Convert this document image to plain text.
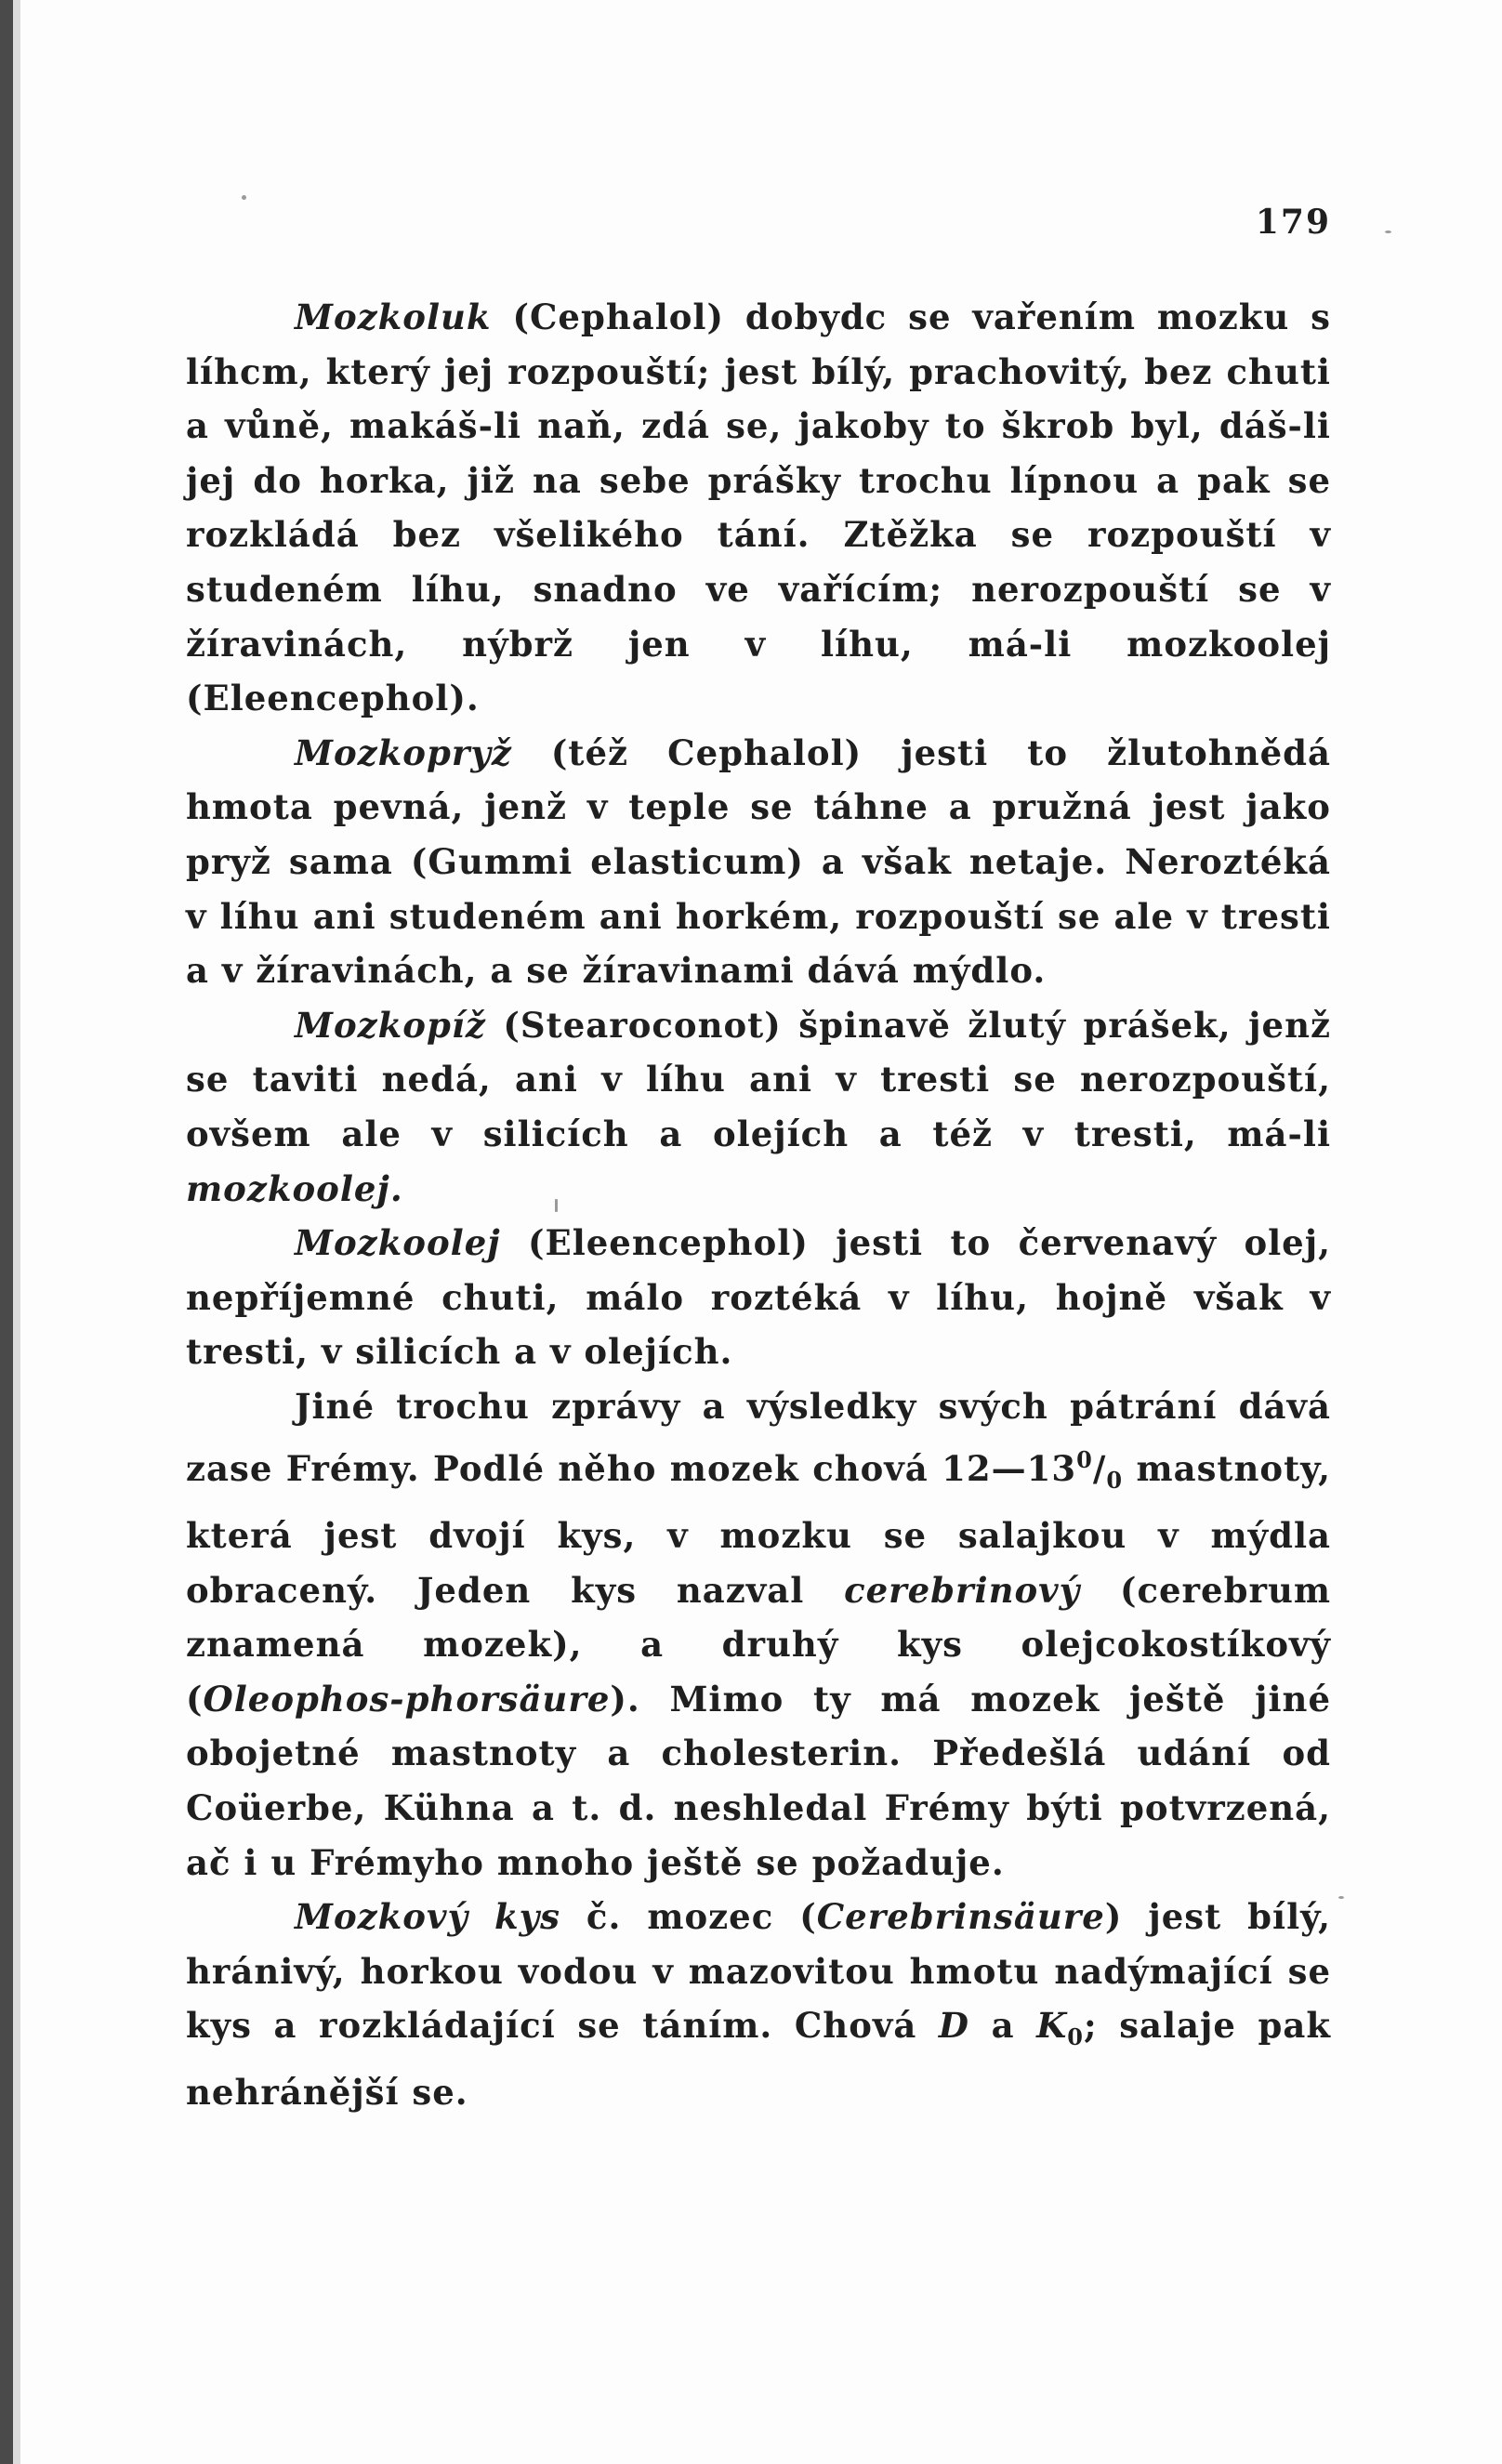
179

Mozkoluk (Cephalol) dobydc se vařením mozku s líhcm, který jej rozpouští; jest bílý, prachovitý, bez chuti a vůně, makáš-li naň, zdá se, jakoby to škrob byl, dáš-li jej do horka, již na sebe prášky trochu lípnou a pak se rozkládá bez všelikého tání. Ztěžka se rozpouští v studeném líhu, snadno ve vařícím; nerozpouští se v žíravinách, nýbrž jen v líhu, má-li mozkoolej (Eleencephol).

Mozkopryž (též Cephalol) jesti to žlutohnědá hmota pevná, jenž v teple se táhne a pružná jest jako pryž sama (Gummi elasticum) a však netaje. Neroztéká v líhu ani studeném ani horkém, rozpouští se ale v tresti a v žíravinách, a se žíravinami dává mýdlo.

Mozkopíž (Stearoconot) špinavě žlutý prášek, jenž se taviti nedá, ani v líhu ani v tresti se nerozpouští, ovšem ale v silicích a olejích a též v tresti, má-li mozkoolej.

Mozkoolej (Eleencephol) jesti to červenavý olej, nepříjemné chuti, málo roztéká v líhu, hojně však v tresti, v silicích a v olejích.

Jiné trochu zprávy a výsledky svých pátrání dává zase Frémy. Podlé něho mozek chová $12—13^0/_0$ mastnoty, která jest dvojí kys, v mozku se salajkou v mýdla obracený. Jeden kys nazval cerebrinový (cerebrum znamená mozek), a druhý kys olejcokostíkový (Oleophos-phorsäure). Mimo ty má mozek ještě jiné obojetné mastnoty a cholesterin. Předešlá udání od Coüerbe, Kühna a t. d. neshledal Frémy býti potvrzená, ač i u Frémyho mnoho ještě se požaduje.

Mozkový kys č. mozec (Cerebrinsäure) jest bílý, hránivý, horkou vodou v mazovitou hmotu nadýmající se kys a rozkládající se táním. Chová D a $K_0$; salaje pak nehránější se.
